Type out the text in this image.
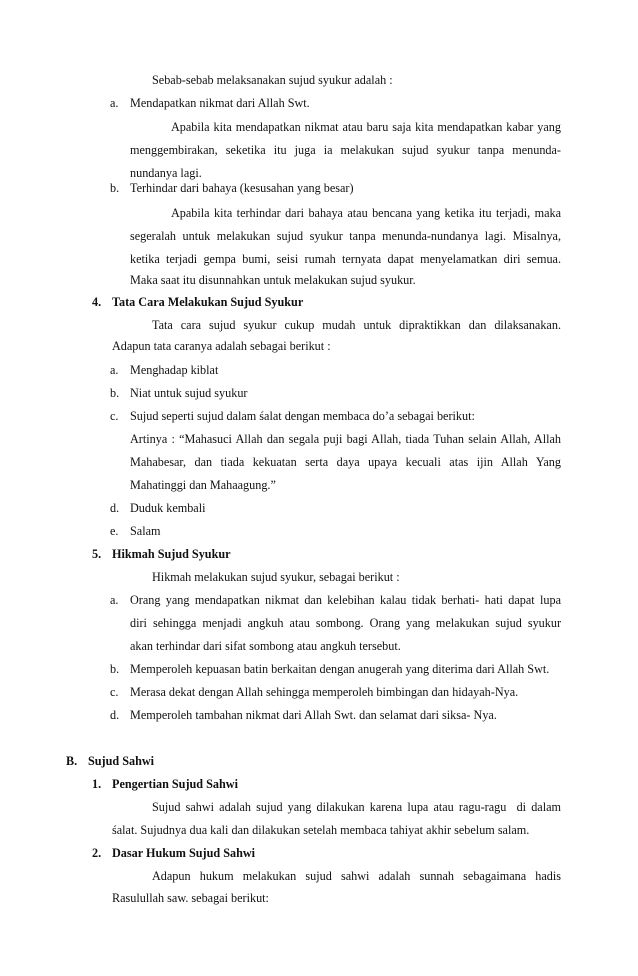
Sebab-sebab melaksanakan sujud syukur adalah :
a. Mendapatkan nikmat dari Allah Swt.
Apabila kita mendapatkan nikmat atau baru saja kita mendapatkan kabar yang
menggembirakan, seketika itu juga ia melakukan sujud syukur tanpa menunda-
nundanya lagi.
b. Terhindar dari bahaya (kesusahan yang besar)
Apabila kita terhindar dari bahaya atau bencana yang ketika itu terjadi, maka
segeralah untuk melakukan sujud syukur tanpa menunda-nundanya lagi. Misalnya,
ketika terjadi gempa bumi, seisi rumah ternyata dapat menyelamatkan diri semua.
Maka saat itu disunnahkan untuk melakukan sujud syukur.
4. Tata Cara Melakukan Sujud Syukur
Tata cara sujud syukur cukup mudah untuk dipraktikkan dan dilaksanakan.
Adapun tata caranya adalah sebagai berikut :
a. Menghadap kiblat
b. Niat untuk sujud syukur
c. Sujud seperti sujud dalam śalat dengan membaca do’a sebagai berikut:
Artinya : “Mahasuci Allah dan segala puji bagi Allah, tiada Tuhan selain Allah, Allah
Mahabesar, dan tiada kekuatan serta daya upaya kecuali atas ijin Allah Yang
Mahatinggi dan Mahaagung.”
d. Duduk kembali
e. Salam
5. Hikmah Sujud Syukur
Hikmah melakukan sujud syukur, sebagai berikut :
a. Orang yang mendapatkan nikmat dan kelebihan kalau tidak berhati- hati dapat lupa
diri sehingga menjadi angkuh atau sombong. Orang yang melakukan sujud syukur
akan terhindar dari sifat sombong atau angkuh tersebut.
b. Memperoleh kepuasan batin berkaitan dengan anugerah yang diterima dari Allah Swt.
c. Merasa dekat dengan Allah sehingga memperoleh bimbingan dan hidayah-Nya.
d. Memperoleh tambahan nikmat dari Allah Swt. dan selamat dari siksa- Nya.
B. Sujud Sahwi
1. Pengertian Sujud Sahwi
Sujud sahwi adalah sujud yang dilakukan karena lupa atau ragu-ragu  di dalam
śalat. Sujudnya dua kali dan dilakukan setelah membaca tahiyat akhir sebelum salam.
2. Dasar Hukum Sujud Sahwi
Adapun hukum melakukan sujud sahwi adalah sunnah sebagaimana hadis
Rasulullah saw. sebagai berikut:
